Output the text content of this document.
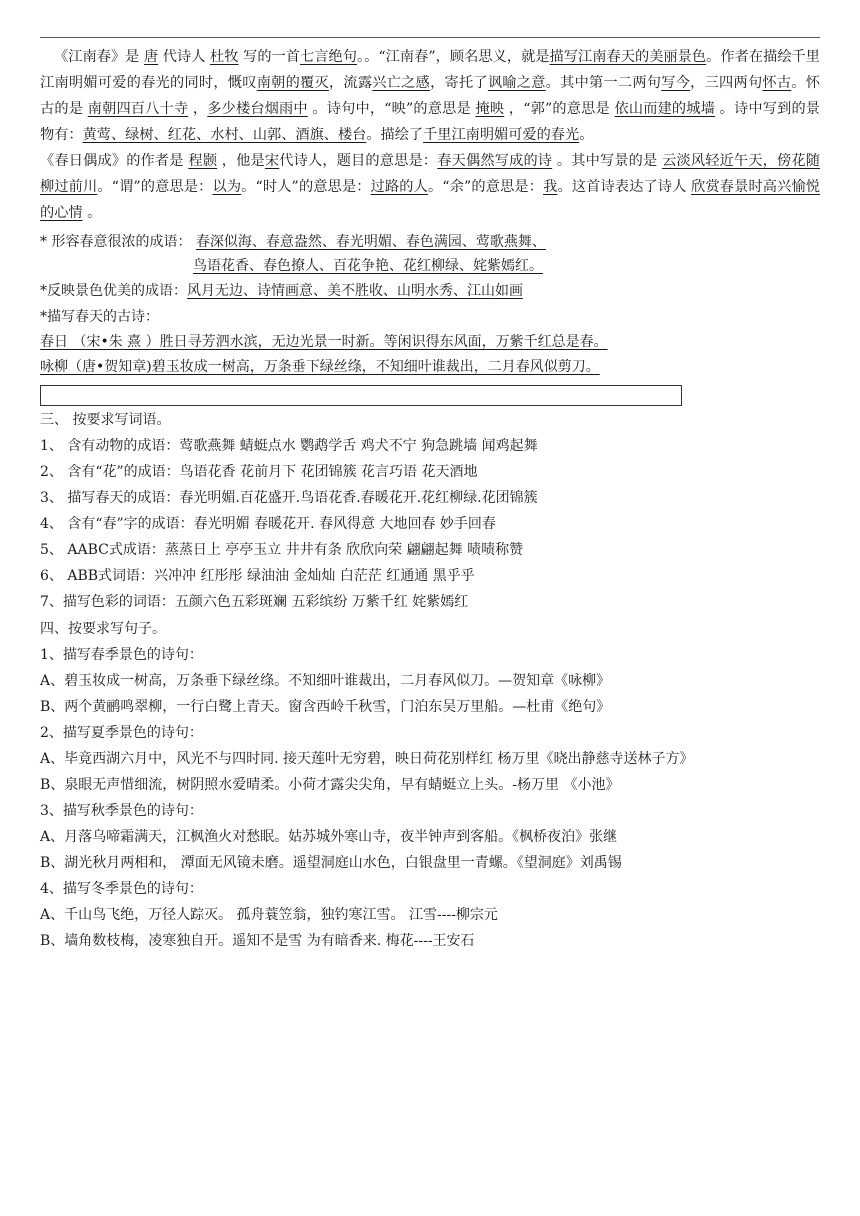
《江南春》是 唐 代诗人 杜牧 写的一首七言绝句。。“江南春”，顾名思义，就是描写江南春天的美丽景色。作者在描绘千里江南明媚可爱的春光的同时，慨叹南朝的覆灭，流露兴亡之感，寄托了讽喻之意。其中第一二两句写今，三四两句怀古。怀古的是 南朝四百八十寺 ，多少楼台烟雨中 。诗句中，“映”的意思是 掩映 ，“郭”的意思是 依山而建的城墙 。诗中写到的景物有：黄莺、绿树、红花、水村、山郭、酒旗、楼台。描绘了千里江南明媚可爱的春光。
《春日偶成》的作者是 程颢 ，他是宋代诗人，题目的意思是：春天偶然写成的诗 。其中写景的是 云淡风轻近午天，傍花随柳过前川。“谓”的意思是：以为。“时人”的意思是：过路的人。“余”的意思是：我。这首诗表达了诗人 欣赏春景时高兴愉悦的心情 。
* 形容春意很浓的成语： 春深似海、春意盎然、春光明媚、春色满园、莺歌燕舞、
鸟语花香、春色撩人、百花争艳、花红柳绿、姹紫嫣红。
*反映景色优美的成语：风月无边、诗情画意、美不胜收、山明水秀、江山如画
*描写春天的古诗：
春日 （宋•朱 熹 ）胜日寻芳泗水滨，无边光景一时新。等闲识得东风面，万紫千红总是春。
咏柳（唐•贺知章)碧玉妆成一树高，万条垂下绿丝绦，不知细叶谁裁出，二月春风似剪刀。
三、 按要求写词语。
1、 含有动物的成语：莺歌燕舞 蜻蜓点水 鹦鹉学舌 鸡犬不宁 狗急跳墙 闻鸡起舞
2、 含有“花”的成语：鸟语花香 花前月下 花团锦簇 花言巧语 花天酒地
3、 描写春天的成语：春光明媚.百花盛开.鸟语花香.春暖花开.花红柳绿.花团锦簇
4、 含有“春”字的成语：春光明媚 春暖花开. 春风得意 大地回春 妙手回春
5、 AABC式成语：蒸蒸日上 亭亭玉立 井井有条 欣欣向荣 翩翩起舞 啧啧称赞
6、 ABB式词语：兴冲冲 红彤彤 绿油油 金灿灿 白茫茫 红通通 黑乎乎
7、描写色彩的词语：五颜六色五彩斑斓 五彩缤纷 万紫千红 姹紫嫣红
四、按要求写句子。
1、描写春季景色的诗句：
A、碧玉妆成一树高，万条垂下绿丝绦。不知细叶谁裁出，二月春风似刀。—贺知章《咏柳》
B、两个黄鹂鸣翠柳，一行白鹭上青天。窗含西岭千秋雪，门泊东吴万里船。—杜甫《绝句》
2、描写夏季景色的诗句：
A、毕竟西湖六月中，风光不与四时同. 接天莲叶无穷碧，映日荷花别样红 杨万里《晓出静慈寺送林子方》
B、泉眼无声惜细流，树阴照水爱晴柔。小荷才露尖尖角，早有蜻蜓立上头。-杨万里 《小池》
3、描写秋季景色的诗句：
A、月落乌啼霜满天，江枫渔火对愁眠。姑苏城外寒山寺，夜半钟声到客船。《枫桥夜泊》张继
B、湖光秋月两相和， 潭面无风镜未磨。遥望洞庭山水色，白银盘里一青螺。《望洞庭》刘禹锡
4、描写冬季景色的诗句：
A、千山鸟飞绝，万径人踪灭。 孤舟蓑笠翁，独钓寒江雪。 江雪----柳宗元
B、墙角数枝梅，凌寒独自开。遥知不是雪 为有暗香来. 梅花----王安石
